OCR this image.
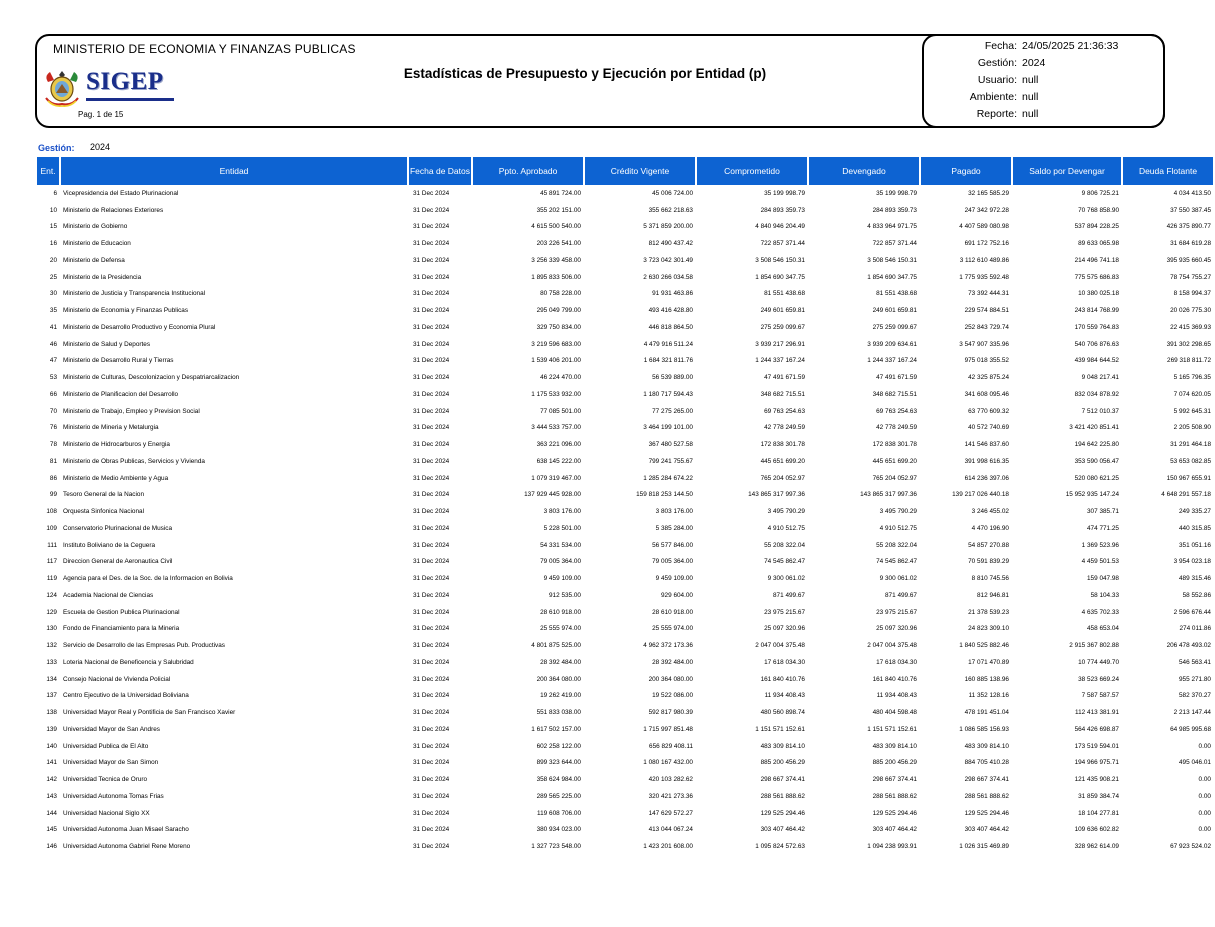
MINISTERIO DE ECONOMIA Y FINANZAS PUBLICAS
SIGEP
Pag. 1 de 15
Estadísticas de Presupuesto y Ejecución por Entidad (p)
Fecha: 24/05/2025 21:36:33
Gestión: 2024
Usuario: null
Ambiente: null
Reporte: null
Gestión: 2024
Ent.	Entidad	Fecha de Datos	Ppto. Aprobado	Crédito Vigente	Comprometido	Devengado	Pagado	Saldo por Devengar	Deuda Flotante
6	Vicepresidencia del Estado Plurinacional	31 Dec 2024	45 891 724.00	45 006 724.00	35 199 998.79	35 199 998.79	32 165 585.29	9 806 725.21	4 034 413.50
10	Ministerio de Relaciones Exteriores	31 Dec 2024	355 202 151.00	355 662 218.63	284 893 359.73	284 893 359.73	247 342 972.28	70 768 858.90	37 550 387.45
15	Ministerio de Gobierno	31 Dec 2024	4 615 500 540.00	5 371 859 200.00	4 840 946 204.49	4 833 964 971.75	4 407 589 080.98	537 894 228.25	426 375 890.77
16	Ministerio de Educacion	31 Dec 2024	203 226 541.00	812 490 437.42	722 857 371.44	722 857 371.44	691 172 752.16	89 633 065.98	31 684 619.28
20	Ministerio de Defensa	31 Dec 2024	3 256 339 458.00	3 723 042 301.49	3 508 546 150.31	3 508 546 150.31	3 112 610 489.86	214 496 741.18	395 935 660.45
25	Ministerio de la Presidencia	31 Dec 2024	1 895 833 506.00	2 630 266 034.58	1 854 690 347.75	1 854 690 347.75	1 775 935 592.48	775 575 686.83	78 754 755.27
30	Ministerio de Justicia y Transparencia Institucional	31 Dec 2024	80 758 228.00	91 931 463.86	81 551 438.68	81 551 438.68	73 392 444.31	10 380 025.18	8 158 994.37
35	Ministerio de Economia y Finanzas Publicas	31 Dec 2024	295 049 799.00	493 416 428.80	249 601 659.81	249 601 659.81	229 574 884.51	243 814 768.99	20 026 775.30
41	Ministerio de Desarrollo Productivo y Economia Plural	31 Dec 2024	329 750 834.00	446 818 864.50	275 259 099.67	275 259 099.67	252 843 729.74	170 559 764.83	22 415 369.93
46	Ministerio de Salud y Deportes	31 Dec 2024	3 219 596 683.00	4 479 916 511.24	3 939 217 296.91	3 939 209 634.61	3 547 907 335.96	540 706 876.63	391 302 298.65
47	Ministerio de Desarrollo Rural y Tierras	31 Dec 2024	1 539 406 201.00	1 684 321 811.76	1 244 337 167.24	1 244 337 167.24	975 018 355.52	439 984 644.52	269 318 811.72
53	Ministerio de Culturas, Descolonizacion y Despatriarcalizacion	31 Dec 2024	46 224 470.00	56 539 889.00	47 491 671.59	47 491 671.59	42 325 875.24	9 048 217.41	5 165 796.35
66	Ministerio de Planificacion del Desarrollo	31 Dec 2024	1 175 533 932.00	1 180 717 594.43	348 682 715.51	348 682 715.51	341 608 095.46	832 034 878.92	7 074 620.05
70	Ministerio de Trabajo, Empleo y Prevision Social	31 Dec 2024	77 085 501.00	77 275 265.00	69 763 254.63	69 763 254.63	63 770 609.32	7 512 010.37	5 992 645.31
76	Ministerio de Mineria y Metalurgia	31 Dec 2024	3 444 533 757.00	3 464 199 101.00	42 778 249.59	42 778 249.59	40 572 740.69	3 421 420 851.41	2 205 508.90
78	Ministerio de Hidrocarburos y Energia	31 Dec 2024	363 221 096.00	367 480 527.58	172 838 301.78	172 838 301.78	141 546 837.60	194 642 225.80	31 291 464.18
81	Ministerio de Obras Publicas, Servicios y Vivienda	31 Dec 2024	638 145 222.00	799 241 755.67	445 651 699.20	445 651 699.20	391 998 616.35	353 590 056.47	53 653 082.85
86	Ministerio de Medio Ambiente y Agua	31 Dec 2024	1 079 319 467.00	1 285 284 674.22	765 204 052.97	765 204 052.97	614 236 397.06	520 080 621.25	150 967 655.91
99	Tesoro General de la Nacion	31 Dec 2024	137 929 445 928.00	159 818 253 144.50	143 865 317 997.36	143 865 317 997.36	139 217 026 440.18	15 952 935 147.24	4 648 291 557.18
108	Orquesta Sinfonica Nacional	31 Dec 2024	3 803 176.00	3 803 176.00	3 495 790.29	3 495 790.29	3 246 455.02	307 385.71	249 335.27
109	Conservatorio Plurinacional de Musica	31 Dec 2024	5 228 501.00	5 385 284.00	4 910 512.75	4 910 512.75	4 470 196.90	474 771.25	440 315.85
111	Instituto Boliviano de la Ceguera	31 Dec 2024	54 331 534.00	56 577 846.00	55 208 322.04	55 208 322.04	54 857 270.88	1 369 523.96	351 051.16
117	Direccion General de Aeronautica Civil	31 Dec 2024	79 005 364.00	79 005 364.00	74 545 862.47	74 545 862.47	70 591 839.29	4 459 501.53	3 954 023.18
119	Agencia para el Des. de la Soc. de la Informacion en Bolivia	31 Dec 2024	9 459 109.00	9 459 109.00	9 300 061.02	9 300 061.02	8 810 745.56	159 047.98	489 315.46
124	Academia Nacional de Ciencias	31 Dec 2024	912 535.00	929 604.00	871 499.67	871 499.67	812 946.81	58 104.33	58 552.86
129	Escuela de Gestion Publica Plurinacional	31 Dec 2024	28 610 918.00	28 610 918.00	23 975 215.67	23 975 215.67	21 378 539.23	4 635 702.33	2 596 676.44
130	Fondo de Financiamiento para la Mineria	31 Dec 2024	25 555 974.00	25 555 974.00	25 097 320.96	25 097 320.96	24 823 309.10	458 653.04	274 011.86
132	Servicio de Desarrollo de las Empresas Pub. Productivas	31 Dec 2024	4 801 875 525.00	4 962 372 173.36	2 047 004 375.48	2 047 004 375.48	1 840 525 882.46	2 915 367 802.88	206 478 493.02
133	Loteria Nacional de Beneficencia y Salubridad	31 Dec 2024	28 392 484.00	28 392 484.00	17 618 034.30	17 618 034.30	17 071 470.89	10 774 449.70	546 563.41
134	Consejo Nacional de Vivienda Policial	31 Dec 2024	200 364 080.00	200 364 080.00	161 840 410.76	161 840 410.76	160 885 138.96	38 523 669.24	955 271.80
137	Centro Ejecutivo de la Universidad Boliviana	31 Dec 2024	19 262 419.00	19 522 086.00	11 934 408.43	11 934 408.43	11 352 128.16	7 587 587.57	582 370.27
138	Universidad Mayor Real y Pontificia de San Francisco Xavier	31 Dec 2024	551 833 038.00	592 817 980.39	480 560 898.74	480 404 598.48	478 191 451.04	112 413 381.91	2 213 147.44
139	Universidad Mayor de San Andres	31 Dec 2024	1 617 502 157.00	1 715 997 851.48	1 151 571 152.61	1 151 571 152.61	1 086 585 156.93	564 426 698.87	64 985 995.68
140	Universidad Publica de El Alto	31 Dec 2024	602 258 122.00	656 829 408.11	483 309 814.10	483 309 814.10	483 309 814.10	173 519 594.01	0.00
141	Universidad Mayor de San Simon	31 Dec 2024	899 323 644.00	1 080 167 432.00	885 200 456.29	885 200 456.29	884 705 410.28	194 966 975.71	495 046.01
142	Universidad Tecnica de Oruro	31 Dec 2024	358 624 984.00	420 103 282.62	298 667 374.41	298 667 374.41	298 667 374.41	121 435 908.21	0.00
143	Universidad Autonoma Tomas Frias	31 Dec 2024	289 565 225.00	320 421 273.36	288 561 888.62	288 561 888.62	288 561 888.62	31 859 384.74	0.00
144	Universidad Nacional Siglo XX	31 Dec 2024	119 608 706.00	147 629 572.27	129 525 294.46	129 525 294.46	129 525 294.46	18 104 277.81	0.00
145	Universidad Autonoma Juan Misael Saracho	31 Dec 2024	380 934 023.00	413 044 067.24	303 407 464.42	303 407 464.42	303 407 464.42	109 636 602.82	0.00
146	Universidad Autonoma Gabriel Rene Moreno	31 Dec 2024	1 327 723 548.00	1 423 201 608.00	1 095 824 572.63	1 094 238 993.91	1 026 315 469.89	328 962 614.09	67 923 524.02
